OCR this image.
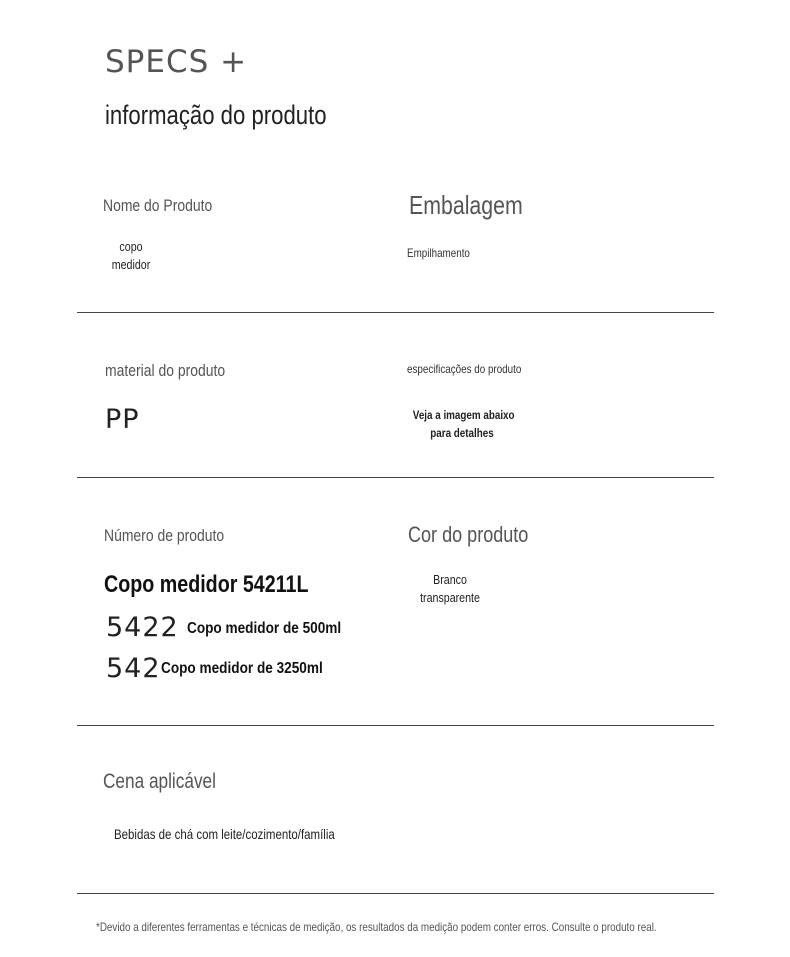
SPECS +
informação do produto
Nome do Produto
copo
medidor
Embalagem
Empilhamento
material do produto
PP
especificações do produto
Veja a imagem abaixo
para detalhes
Número de produto
Copo medidor 54211L
5422 Copo medidor de 500ml
542 Copo medidor de 3250ml
Cor do produto
Branco
transparente
Cena aplicável
Bebidas de chá com leite/cozimento/família
*Devido a diferentes ferramentas e técnicas de medição, os resultados da medição podem conter erros. Consulte o produto real.
